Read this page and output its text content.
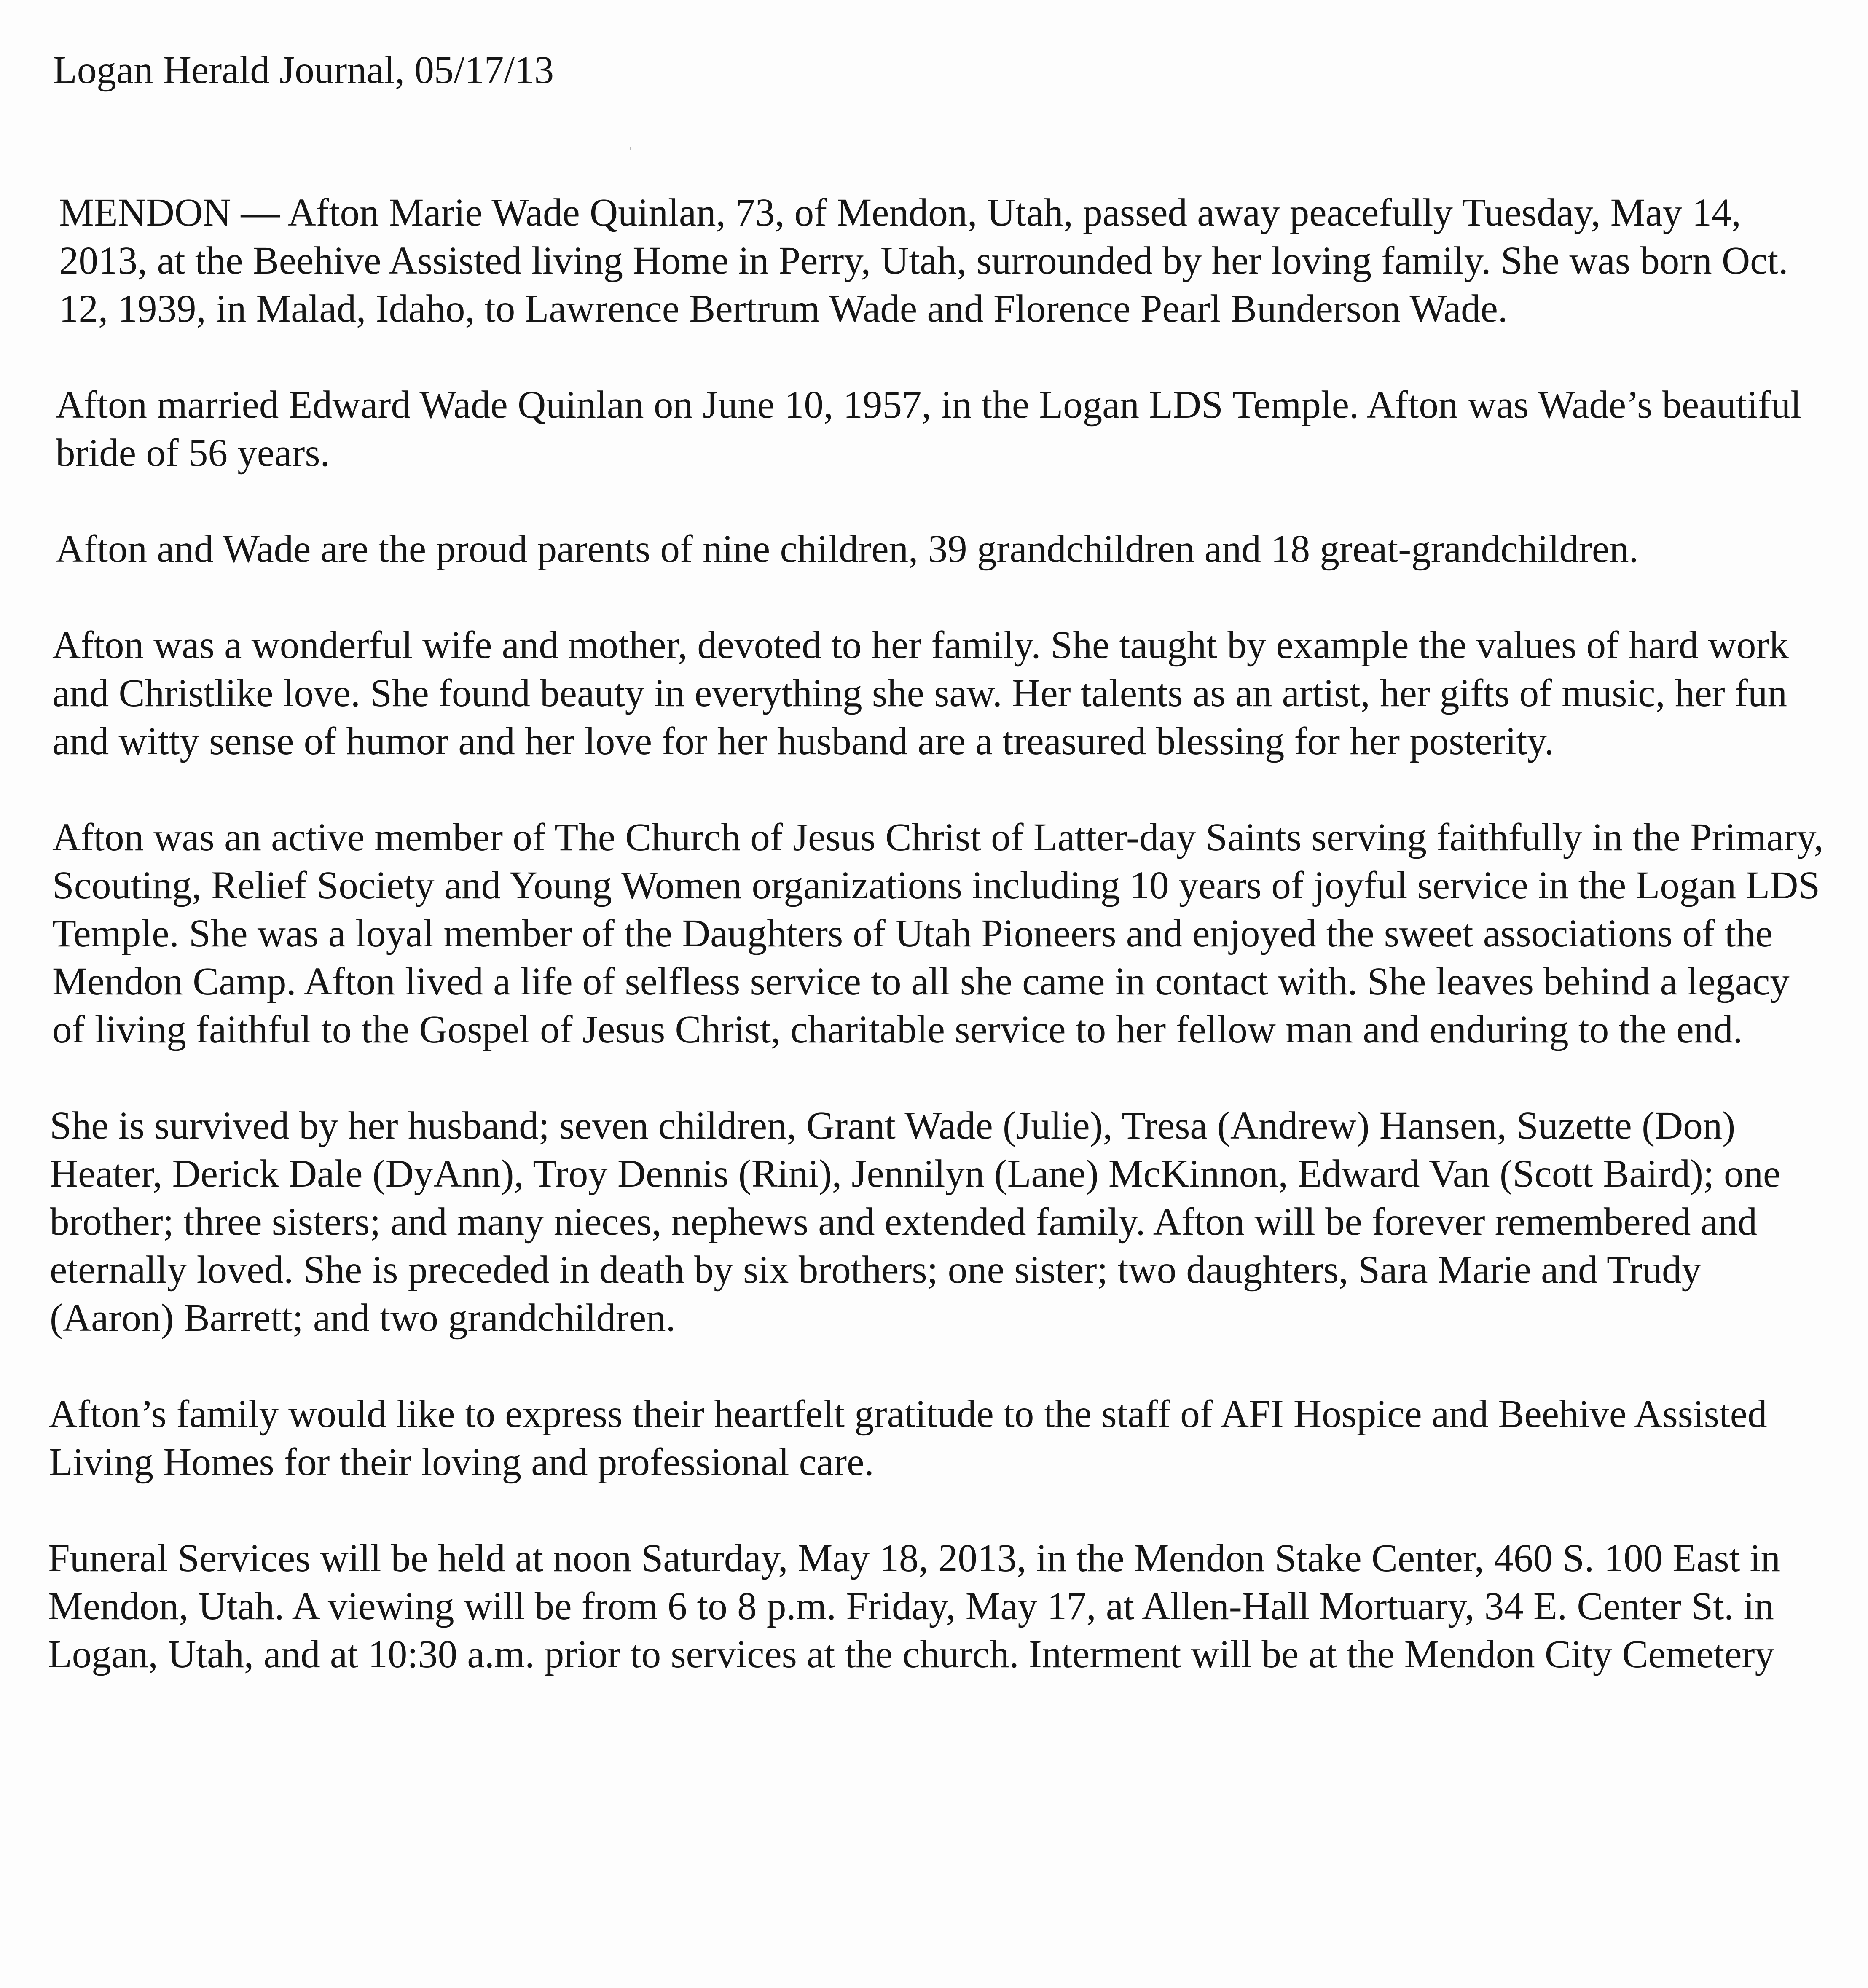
Logan Herald Journal, 05/17/13

MENDON — Afton Marie Wade Quinlan, 73, of Mendon, Utah, passed away peacefully Tuesday, May 14, 2013, at the Beehive Assisted living Home in Perry, Utah, surrounded by her loving family. She was born Oct. 12, 1939, in Malad, Idaho, to Lawrence Bertrum Wade and Florence Pearl Bunderson Wade.

Afton married Edward Wade Quinlan on June 10, 1957, in the Logan LDS Temple. Afton was Wade’s beautiful bride of 56 years.

Afton and Wade are the proud parents of nine children, 39 grandchildren and 18 great-grandchildren.

Afton was a wonderful wife and mother, devoted to her family. She taught by example the values of hard work and Christlike love. She found beauty in everything she saw. Her talents as an artist, her gifts of music, her fun and witty sense of humor and her love for her husband are a treasured blessing for her posterity.

Afton was an active member of The Church of Jesus Christ of Latter-day Saints serving faithfully in the Primary, Scouting, Relief Society and Young Women organizations including 10 years of joyful service in the Logan LDS Temple. She was a loyal member of the Daughters of Utah Pioneers and enjoyed the sweet associations of the Mendon Camp. Afton lived a life of selfless service to all she came in contact with. She leaves behind a legacy of living faithful to the Gospel of Jesus Christ, charitable service to her fellow man and enduring to the end.

She is survived by her husband; seven children, Grant Wade (Julie), Tresa (Andrew) Hansen, Suzette (Don) Heater, Derick Dale (DyAnn), Troy Dennis (Rini), Jennilyn (Lane) McKinnon, Edward Van (Scott Baird); one brother; three sisters; and many nieces, nephews and extended family. Afton will be forever remembered and eternally loved. She is preceded in death by six brothers; one sister; two daughters, Sara Marie and Trudy (Aaron) Barrett; and two grandchildren.

Afton’s family would like to express their heartfelt gratitude to the staff of AFI Hospice and Beehive Assisted Living Homes for their loving and professional care.

Funeral Services will be held at noon Saturday, May 18, 2013, in the Mendon Stake Center, 460 S. 100 East in Mendon, Utah. A viewing will be from 6 to 8 p.m. Friday, May 17, at Allen-Hall Mortuary, 34 E. Center St. in Logan, Utah, and at 10:30 a.m. prior to services at the church. Interment will be at the Mendon City Cemetery
